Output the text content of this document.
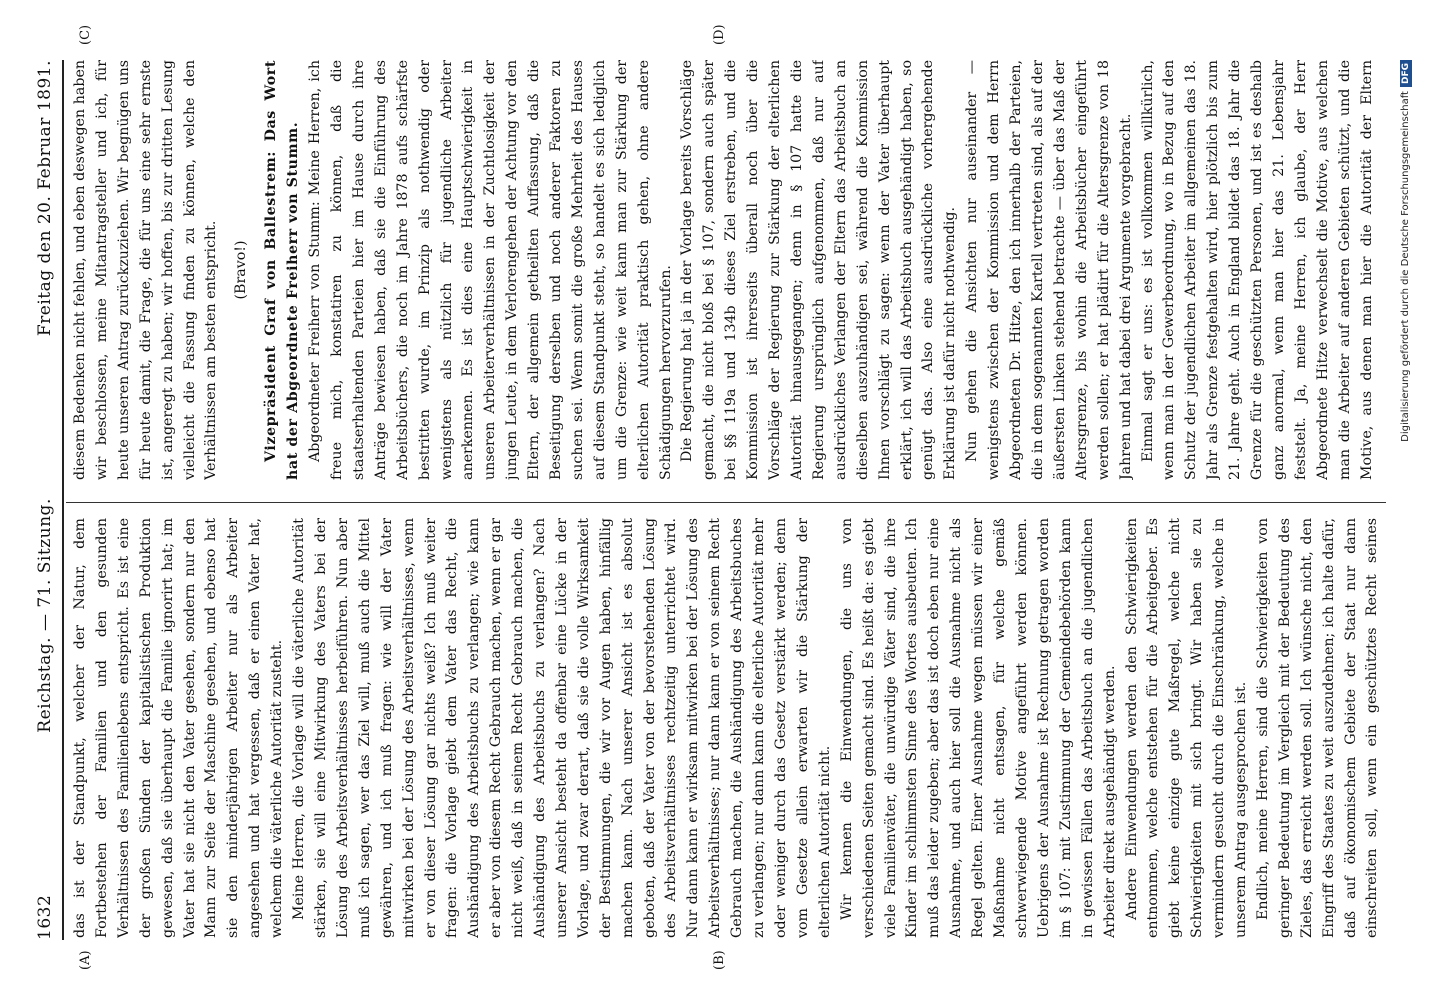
1632
Reichstag. — 71. Sitzung.
Freitag den 20. Februar 1891.
(A)	(B)
(C)	(D)

das ist der Standpunkt, welcher der Natur, dem Fortbestehen der Familien und den gesunden Verhältnissen des Familienlebens entspricht. Es ist eine der großen Sünden der kapitalistischen Produktion gewesen, daß sie überhaupt die Familie ignorirt hat; im Vater hat sie nicht den Vater gesehen, sondern nur den Mann zur Seite der Maschine gesehen, und ebenso hat sie den minderjährigen Arbeiter nur als Arbeiter angesehen und hat vergessen, daß er einen Vater hat, welchem die väterliche Autorität zusteht. Meine Herren, die Vorlage will die väterliche Autorität stärken, sie will eine Mitwirkung des Vaters bei der Lösung des Arbeitsverhältnisses herbeiführen. Nun aber muß ich sagen, wer das Ziel will, muß auch die Mittel gewähren, und ich muß fragen: wie will der Vater mitwirken bei der Lösung des Arbeitsverhältnisses, wenn er von dieser Lösung gar nichts weiß? Ich muß weiter fragen: die Vorlage giebt dem Vater das Recht, die Aushändigung des Arbeitsbuchs zu verlangen; wie kann er aber von diesem Recht Gebrauch machen, wenn er gar nicht weiß, daß in seinem Recht Gebrauch machen, die Aushändigung des Arbeitsbuchs zu verlangen? Nach unserer Ansicht besteht da offenbar eine Lücke in der Vorlage, und zwar derart, daß sie die volle Wirksamkeit der Bestimmungen, die wir vor Augen haben, hinfällig machen kann. Nach unserer Ansicht ist es absolut geboten, daß der Vater von der bevorstehenden Lösung des Arbeitsverhältnisses rechtzeitig unterrichtet wird. Nur dann kann er wirksam mitwirken bei der Lösung des Arbeitsverhältnisses; nur dann kann er von seinem Recht Gebrauch machen, die Aushändigung des Arbeitsbuches zu verlangen; nur dann kann die elterliche Autorität mehr oder weniger durch das Gesetz verstärkt werden; denn vom Gesetze allein erwarten wir die Stärkung der elterlichen Autorität nicht. Wir kennen die Einwendungen, die uns von verschiedenen Seiten gemacht sind. Es heißt da: es giebt viele Familienväter, die unwürdige Väter sind, die ihre Kinder im schlimmsten Sinne des Wortes ausbeuten. Ich muß das leider zugeben; aber das ist doch eben nur eine Ausnahme, und auch hier soll die Ausnahme nicht als Regel gelten. Einer Ausnahme wegen müssen wir einer Maßnahme nicht entsagen, für welche gemäß schwerwiegende Motive angeführt werden können. Uebrigens der Ausnahme ist Rechnung getragen worden im § 107: mit Zustimmung der Gemeindebehörden kann in gewissen Fällen das Arbeitsbuch an die jugendlichen Arbeiter direkt ausgehändigt werden. Andere Einwendungen werden den Schwierigkeiten entnommen, welche entstehen für die Arbeitgeber. Es giebt keine einzige gute Maßregel, welche nicht Schwierigkeiten mit sich bringt. Wir haben sie zu vermindern gesucht durch die Einschränkung, welche in unserem Antrag ausgesprochen ist. Endlich, meine Herren, sind die Schwierigkeiten von geringer Bedeutung im Vergleich mit der Bedeutung des Zieles, das erreicht werden soll. Ich wünsche nicht, den Eingriff des Staates zu weit auszudehnen; ich halte dafür, daß auf ökonomischem Gebiete der Staat nur dann einschreiten soll, wenn ein geschütztes Recht seines

diesem Bedenken nicht fehlen, und eben deswegen haben wir beschlossen, meine Mitantragsteller und ich, für heute unseren Antrag zurückzuziehen. Wir begnügen uns für heute damit, die Frage, die für uns eine sehr ernste ist, angeregt zu haben; wir hoffen, bis zur dritten Lesung vielleicht die Fassung finden zu können, welche den Verhältnissen am besten entspricht. (Bravo!) Vizepräsident Graf von Ballestrem: Das Wort hat der Abgeordnete Freiherr von Stumm. Abgeordneter Freiherr von Stumm: Meine Herren, ich freue mich, konstatiren zu können, daß die staatserhaltenden Parteien hier im Hause durch ihre Anträge bewiesen haben, daß sie die Einführung des Arbeitsbüchers, die noch im Jahre 1878 aufs schärfste bestritten wurde, im Prinzip als nothwendig oder wenigstens als nützlich für jugendliche Arbeiter anerkennen. Es ist dies eine Hauptschwierigkeit in unseren Arbeiterverhältnissen in der Zuchtlosigkeit der jungen Leute, in dem Verlorengehen der Achtung vor den Eltern, der allgemein getheilten Auffassung, daß die Beseitigung derselben und noch anderer Faktoren zu suchen sei. Wenn somit die große Mehrheit des Hauses auf diesem Standpunkt steht, so handelt es sich lediglich um die Grenze: wie weit kann man zur Stärkung der elterlichen Autorität praktisch gehen, ohne andere Schädigungen hervorzurufen. Die Regierung hat ja in der Vorlage bereits Vorschläge gemacht, die nicht bloß bei § 107, sondern auch später bei §§ 119a und 134b dieses Ziel erstreben, und die Kommission ist ihrerseits überall noch über die Vorschläge der Regierung zur Stärkung der elterlichen Autorität hinausgegangen; denn in § 107 hatte die Regierung ursprünglich aufgenommen, daß nur auf ausdrückliches Verlangen der Eltern das Arbeitsbuch an dieselben auszuhändigen sei, während die Kommission Ihnen vorschlägt zu sagen: wenn der Vater überhaupt erklärt, ich will das Arbeitsbuch ausgehändigt haben, so genügt das. Also eine ausdrückliche vorhergehende Erklärung ist dafür nicht nothwendig. Nun gehen die Ansichten nur auseinander — wenigstens zwischen der Kommission und dem Herrn Abgeordneten Dr. Hitze, den ich innerhalb der Parteien, die in dem sogenannten Kartell vertreten sind, als auf der äußersten Linken stehend betrachte — über das Maß der Altersgrenze, bis wohin die Arbeitsbücher eingeführt werden sollen; er hat plädirt für die Altersgrenze von 18 Jahren und hat dabei drei Argumente vorgebracht. Einmal sagt er uns: es ist vollkommen willkürlich, wenn man in der Gewerbeordnung, wo in Bezug auf den Schutz der jugendlichen Arbeiter im allgemeinen das 18. Jahr als Grenze festgehalten wird, hier plötzlich bis zum 21. Jahre geht. Auch in England bildet das 18. Jahr die Grenze für die geschützten Personen, und ist es deshalb ganz anormal, wenn man hier das 21. Lebensjahr feststelt. Ja, meine Herren, ich glaube, der Herr Abgeordnete Hitze verwechselt die Motive, aus welchen man die Arbeiter auf anderen Gebieten schützt, und die Motive, aus denen man hier die Autorität der Eltern

Digitalisierung gefördert durch die Deutsche ForschungsgemeinschaftDFG
